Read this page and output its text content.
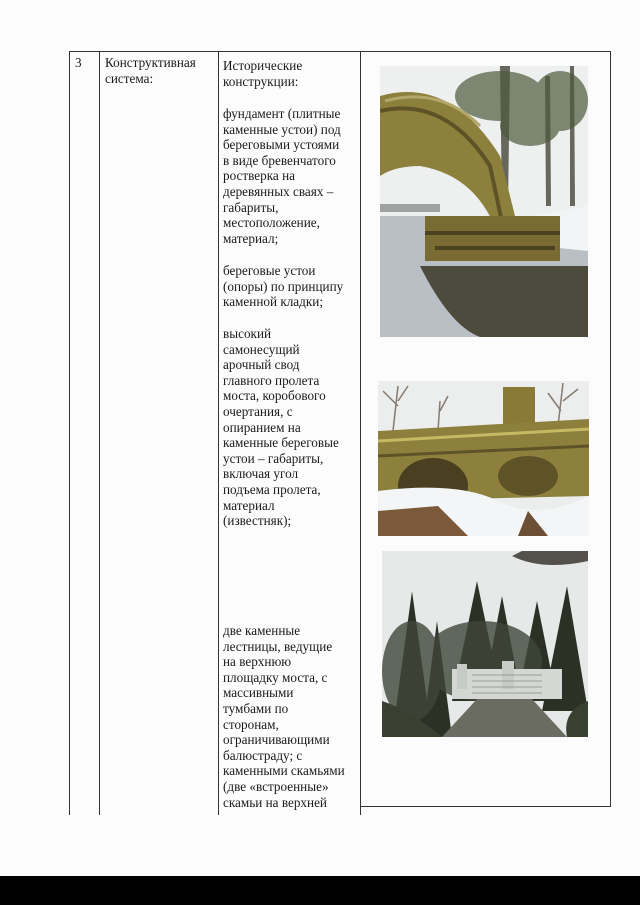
3 Конструктивная
система:
Исторические
конструкции:
фундамент (плитные
каменные устои) под
береговыми устоями
в виде бревенчатого
ростверка на
деревянных сваях –
габариты,
местоположение,
материал;
береговые устои
(опоры) по принципу
каменной кладки;
высокий
самонесущий
арочный свод
главного пролета
моста, коробового
очертания, с
опиранием на
каменные береговые
устои – габариты,
включая угол
подъема пролета,
материал
(известняк);
две каменные
лестницы, ведущие
на верхнюю
площадку моста, с
массивными
тумбами по
сторонам,
ограничивающими
балюстраду; с
каменными скамьями
(две «встроенные»
скамьи на верхней
